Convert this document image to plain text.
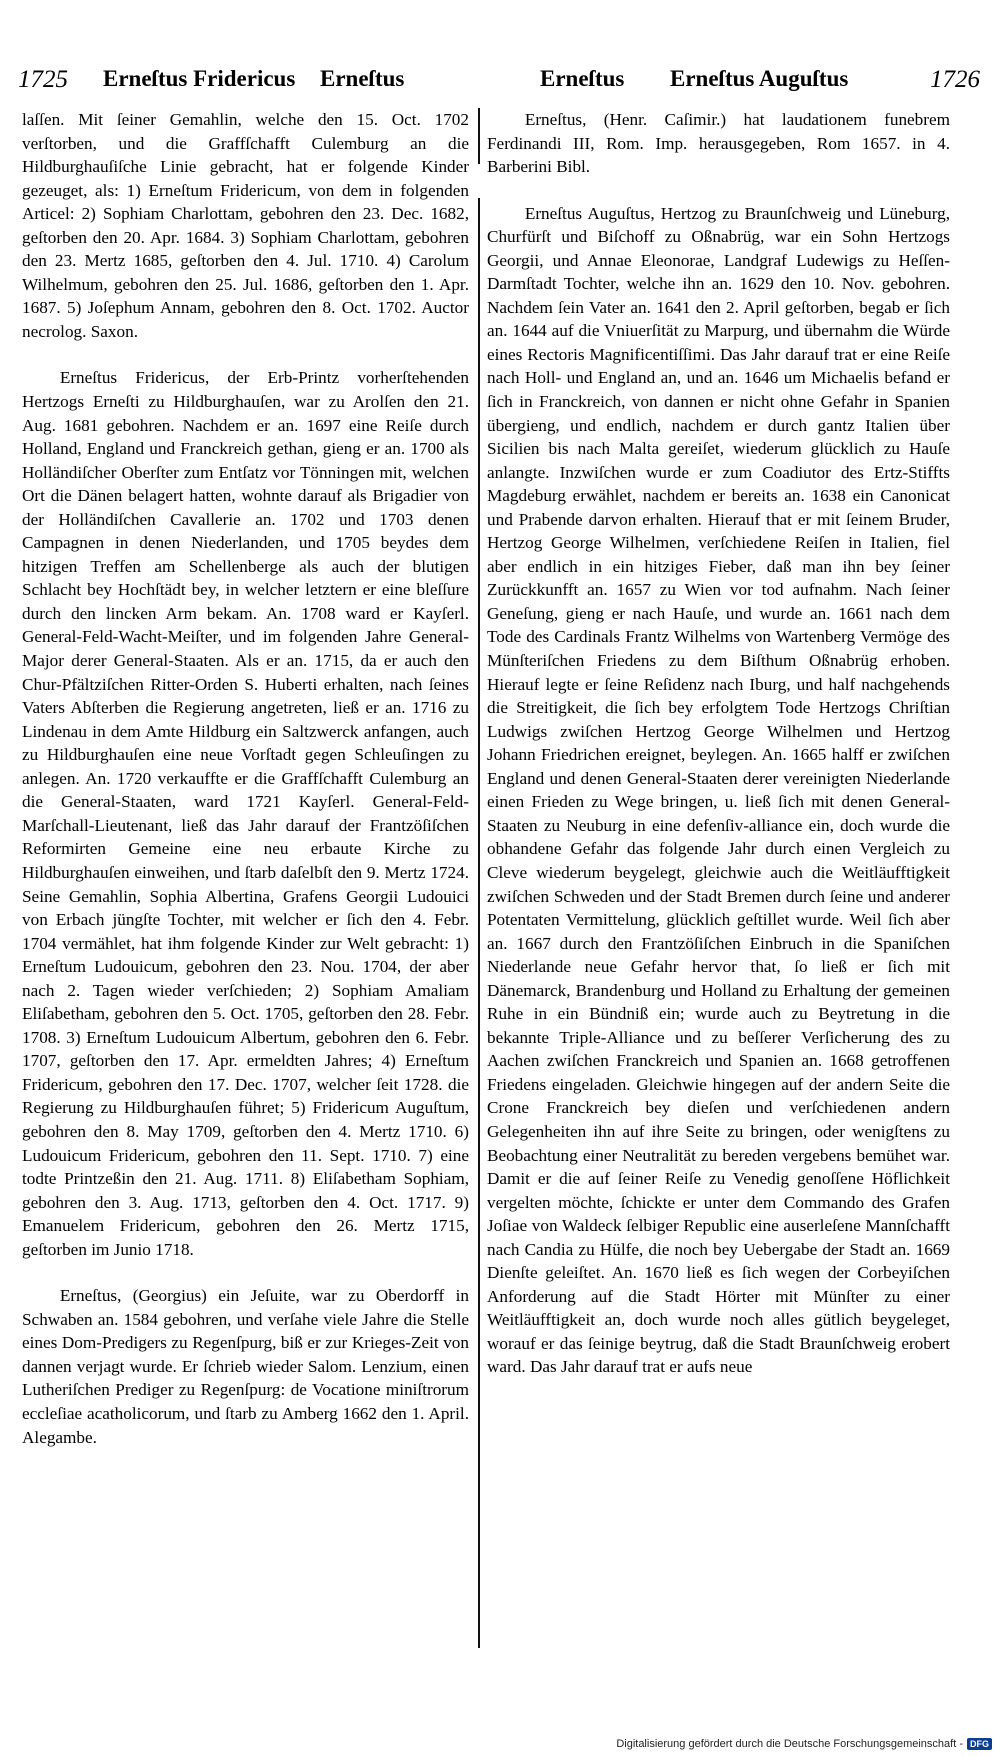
1725 Erneſtus Fridericus Erneſtus	Erneſtus Erneſtus Auguſtus	1726

laſſen. Mit ſeiner Gemahlin, welche den 15. Oct. 1702 verſtorben, und die Graffſchafft Culemburg an die Hildburghauſiſche Linie gebracht, hat er folgende Kinder gezeuget, als: 1) Erneſtum Fridericum, von dem in folgenden Articel: 2) Sophiam Charlottam, gebohren den 23. Dec. 1682, geſtorben den 20. Apr. 1684. 3) Sophiam Charlottam, gebohren den 23. Mertz 1685, geſtorben den 4. Jul. 1710. 4) Carolum Wilhelmum, gebohren den 25. Jul. 1686, geſtorben den 1. Apr. 1687. 5) Joſephum Annam, gebohren den 8. Oct. 1702. Auctor necrolog. Saxon.

Erneſtus Fridericus, der Erb-Printz vorherſtehenden Hertzogs Erneſti zu Hildburghauſen, war zu Arolſen den 21. Aug. 1681 gebohren. Nachdem er an. 1697 eine Reiſe durch Holland, England und Franckreich gethan, gieng er an. 1700 als Holländiſcher Oberſter zum Entſatz vor Tönningen mit, welchen Ort die Dänen belagert hatten, wohnte darauf als Brigadier von der Holländiſchen Cavallerie an. 1702 und 1703 denen Campagnen in denen Niederlanden, und 1705 beydes dem hitzigen Treffen am Schellenberge als auch der blutigen Schlacht bey Hochſtädt bey, in welcher letztern er eine bleſſure durch den lincken Arm bekam. An. 1708 ward er Kayſerl. General-Feld-Wacht-Meiſter, und im folgenden Jahre General-Major derer General-Staaten. Als er an. 1715, da er auch den Chur-Pfältziſchen Ritter-Orden S. Huberti erhalten, nach ſeines Vaters Abſterben die Regierung angetreten, ließ er an. 1716 zu Lindenau in dem Amte Hildburg ein Saltzwerck anfangen, auch zu Hildburghauſen eine neue Vorſtadt gegen Schleuſingen zu anlegen. An. 1720 verkauffte er die Graffſchafft Culemburg an die General-Staaten, ward 1721 Kayſerl. General-Feld-Marſchall-Lieutenant, ließ das Jahr darauf der Frantzöſiſchen Reformirten Gemeine eine neu erbaute Kirche zu Hildburghauſen einweihen, und ſtarb daſelbſt den 9. Mertz 1724. Seine Gemahlin, Sophia Albertina, Grafens Georgii Ludouici von Erbach jüngſte Tochter, mit welcher er ſich den 4. Febr. 1704 vermählet, hat ihm folgende Kinder zur Welt gebracht: 1) Erneſtum Ludouicum, gebohren den 23. Nou. 1704, der aber nach 2. Tagen wieder verſchieden; 2) Sophiam Amaliam Eliſabetham, gebohren den 5. Oct. 1705, geſtorben den 28. Febr. 1708. 3) Erneſtum Ludouicum Albertum, gebohren den 6. Febr. 1707, geſtorben den 17. Apr. ermeldten Jahres; 4) Erneſtum Fridericum, gebohren den 17. Dec. 1707, welcher ſeit 1728. die Regierung zu Hildburghauſen führet; 5) Fridericum Auguſtum, gebohren den 8. May 1709, geſtorben den 4. Mertz 1710. 6) Ludouicum Fridericum, gebohren den 11. Sept. 1710. 7) eine todte Printzeßin den 21. Aug. 1711. 8) Eliſabetham Sophiam, gebohren den 3. Aug. 1713, geſtorben den 4. Oct. 1717. 9) Emanuelem Fridericum, gebohren den 26. Mertz 1715, geſtorben im Junio 1718.

Erneſtus, (Georgius) ein Jeſuite, war zu Oberdorff in Schwaben an. 1584 gebohren, und verſahe viele Jahre die Stelle eines Dom-Predigers zu Regenſpurg, biß er zur Krieges-Zeit von dannen verjagt wurde. Er ſchrieb wieder Salom. Lenzium, einen Lutheriſchen Prediger zu Regenſpurg: de Vocatione miniſtrorum eccleſiae acatholicorum, und ſtarb zu Amberg 1662 den 1. April. Alegambe.

Erneſtus, (Henr. Caſimir.) hat laudationem funebrem Ferdinandi III, Rom. Imp. herausgegeben, Rom 1657. in 4. Barberini Bibl.

Erneſtus Auguſtus, Hertzog zu Braunſchweig und Lüneburg, Churfürſt und Biſchoff zu Oßnabrüg, war ein Sohn Hertzogs Georgii, und Annae Eleonorae, Landgraf Ludewigs zu Heſſen-Darmſtadt Tochter, welche ihn an. 1629 den 10. Nov. gebohren. Nachdem ſein Vater an. 1641 den 2. April geſtorben, begab er ſich an. 1644 auf die Vniuerſität zu Marpurg, und übernahm die Würde eines Rectoris Magnificentiſſimi. Das Jahr darauf trat er eine Reiſe nach Holl- und England an, und an. 1646 um Michaelis befand er ſich in Franckreich, von dannen er nicht ohne Gefahr in Spanien übergieng, und endlich, nachdem er durch gantz Italien über Sicilien bis nach Malta gereiſet, wiederum glücklich zu Hauſe anlangte. Inzwiſchen wurde er zum Coadiutor des Ertz-Stiffts Magdeburg erwählet, nachdem er bereits an. 1638 ein Canonicat und Prabende darvon erhalten. Hierauf that er mit ſeinem Bruder, Hertzog George Wilhelmen, verſchiedene Reiſen in Italien, fiel aber endlich in ein hitziges Fieber, daß man ihn bey ſeiner Zurückkunfft an. 1657 zu Wien vor tod aufnahm. Nach ſeiner Geneſung, gieng er nach Hauſe, und wurde an. 1661 nach dem Tode des Cardinals Frantz Wilhelms von Wartenberg Vermöge des Münſteriſchen Friedens zu dem Biſthum Oßnabrüg erhoben. Hierauf legte er ſeine Reſidenz nach Iburg, und half nachgehends die Streitigkeit, die ſich bey erfolgtem Tode Hertzogs Chriſtian Ludwigs zwiſchen Hertzog George Wilhelmen und Hertzog Johann Friedrichen ereignet, beylegen. An. 1665 halff er zwiſchen England und denen General-Staaten derer vereinigten Niederlande einen Frieden zu Wege bringen, u. ließ ſich mit denen General-Staaten zu Neuburg in eine defenſiv-alliance ein, doch wurde die obhandene Gefahr das folgende Jahr durch einen Vergleich zu Cleve wiederum beygelegt, gleichwie auch die Weitläufftigkeit zwiſchen Schweden und der Stadt Bremen durch ſeine und anderer Potentaten Vermittelung, glücklich geſtillet wurde. Weil ſich aber an. 1667 durch den Frantzöſiſchen Einbruch in die Spaniſchen Niederlande neue Gefahr hervor that, ſo ließ er ſich mit Dänemarck, Brandenburg und Holland zu Erhaltung der gemeinen Ruhe in ein Bündniß ein; wurde auch zu Beytretung in die bekannte Triple-Alliance und zu beſſerer Verſicherung des zu Aachen zwiſchen Franckreich und Spanien an. 1668 getroffenen Friedens eingeladen. Gleichwie hingegen auf der andern Seite die Crone Franckreich bey dieſen und verſchiedenen andern Gelegenheiten ihn auf ihre Seite zu bringen, oder wenigſtens zu Beobachtung einer Neutralität zu bereden vergebens bemühet war. Damit er die auf ſeiner Reiſe zu Venedig genoſſene Höflichkeit vergelten möchte, ſchickte er unter dem Commando des Grafen Joſiae von Waldeck ſelbiger Republic eine auserleſene Mannſchafft nach Candia zu Hülfe, die noch bey Uebergabe der Stadt an. 1669 Dienſte geleiſtet. An. 1670 ließ es ſich wegen der Corbeyiſchen Anforderung auf die Stadt Hörter mit Münſter zu einer Weitläufftigkeit an, doch wurde noch alles gütlich beygeleget, worauf er das ſeinige beytrug, daß die Stadt Braunſchweig erobert ward. Das Jahr darauf trat er aufs neue

Digitalisierung gefördert durch die Deutsche Forschungsgemeinschaft - DFG
